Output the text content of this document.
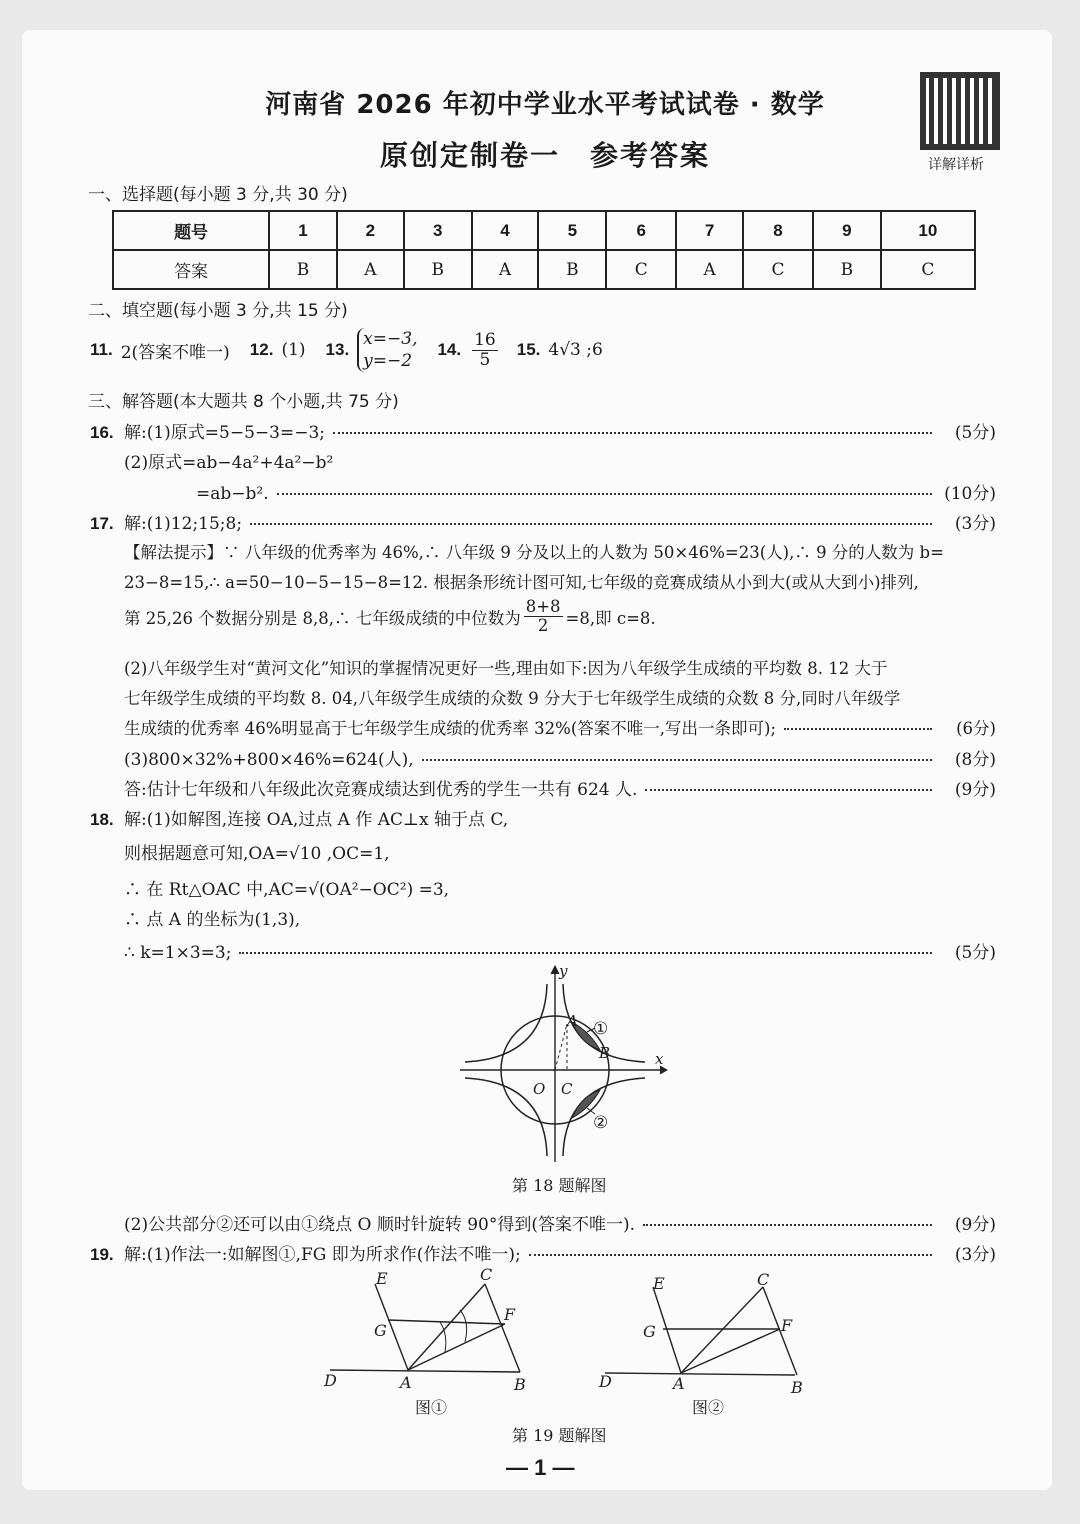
河南省 2026 年初中学业水平考试试卷 · 数学
原创定制卷一　参考答案	详解详析
一、选择题(每小题 3 分,共 30 分)
题号	1	2	3	4	5	6	7	8	9	10
答案	B	A	B	A	B	C	A	C	B	C
二、填空题(每小题 3 分,共 15 分)
11. 2(答案不唯一) 12. (1) 13.
x=−3,
y=−2
14. $\frac{16}{5} 15$. 4√3 ;6
三、解答题(本大题共 8 个小题,共 75 分)
16. 解:(1)原式=5−5−3=−3;	(5分)
(2)原式=ab−4a²+4a²−b²
=ab−b².	(10分)
17. 解:(1)12;15;8;	(3分)
【解法提示】∵ 八年级的优秀率为 46%,∴ 八年级 9 分及以上的人数为 50×46%=23(人),∴ 9 分的人数为 b=
23−8=15,∴ a=50−10−5−15−8=12. 根据条形统计图可知,七年级的竞赛成绩从小到大(或从大到小)排列,
第 25,26 个数据分别是 8,8,∴ 七年级成绩的中位数为 $\frac{8+8}{2} =8$,即 c=8.
(2)八年级学生对“黄河文化”知识的掌握情况更好一些,理由如下:因为八年级学生成绩的平均数 8. 12 大于
七年级学生成绩的平均数 8. 04,八年级学生成绩的众数 9 分大于七年级学生成绩的众数 8 分,同时八年级学
生成绩的优秀率 46%明显高于七年级学生成绩的优秀率 32%(答案不唯一,写出一条即可);	(6分)
(3)800×32%+800×46%=624(人),	(8分)
答:估计七年级和八年级此次竞赛成绩达到优秀的学生一共有 624 人.	(9分)
18. 解:(1)如解图,连接 OA,过点 A 作 AC⊥x 轴于点 C,
则根据题意可知,OA=√10 ,OC=1,
∴ 在 Rt△OAC 中,AC=√(OA²−OC²) =3,
∴ 点 A 的坐标为(1,3),
∴ k=1×3=3;	(5分)
y
x
O C
A
B
①
②
第 18 题解图
(2)公共部分②还可以由①绕点 O 顺时针旋转 90°得到(答案不唯一).	(9分)
19. 解:(1)作法一:如解图①,FG 即为所求作(作法不唯一);	(3分)
E	C
G
F
D	A	B
E	C
G	F
D	A	B
图①	图②
第 19 题解图
— 1 —
